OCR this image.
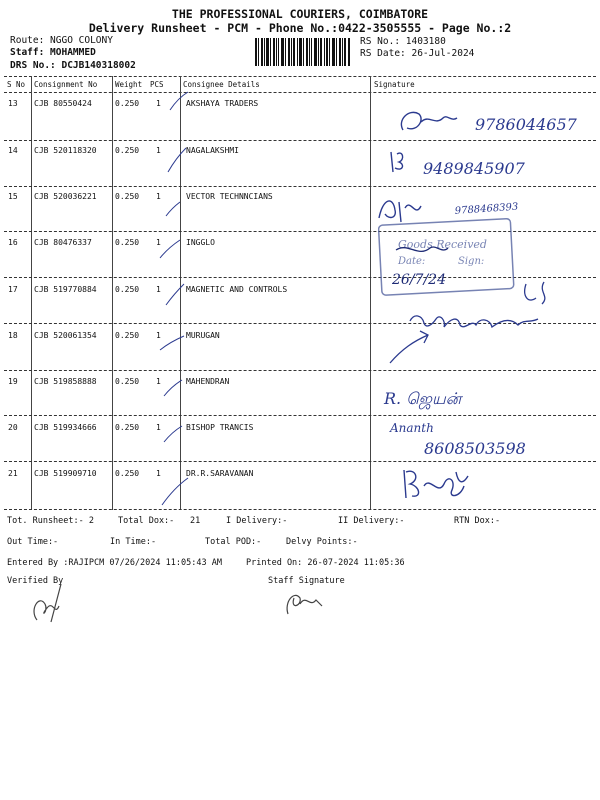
THE PROFESSIONAL COURIERS, COIMBATORE
Delivery Runsheet - PCM - Phone No.:0422-3505555 - Page No.:2
Route: NGGO COLONY
Staff: MOHAMMED
DRS No.: DCJB140318002
RS No.: 1403180
RS Date: 26-Jul-2024
S No Consignment No Weight PCS	Consignee Details	Signature
13 CJB 80550424	0.250 1	AKSHAYA TRADERS
14 CJB 520118320 0.250 1	NAGALAKSHMI
15 CJB 520036221 0.250 1	VECTOR TECHNNCIANS
16 CJB 80476337	0.250 1	INGGLO
17 CJB 519770884 0.250 1	MAGNETIC AND CONTROLS
18 CJB 520061354 0.250 1	MURUGAN
19 CJB 519858888 0.250 1	MAHENDRAN
20 CJB 519934666 0.250 1	BISHOP TRANCIS
21 CJB 519909710 0.250 1	DR.R.SARAVANAN
9786044657
9489845907
9788468393
Goods Received
Date:	Sign:
26/7/24
R. ஜெயன்
Ananth
8608503598
Tot. Runsheet:- 2	Total Dox:- 21	I Delivery:-	II Delivery:-	RTN Dox:-
Out Time:-	In Time:-	Total POD:-	Delvy Points:-
Entered By :RAJIPCM 07/26/2024 11:05:43 AM	Printed On: 26-07-2024 11:05:36
Verified By	Staff Signature
